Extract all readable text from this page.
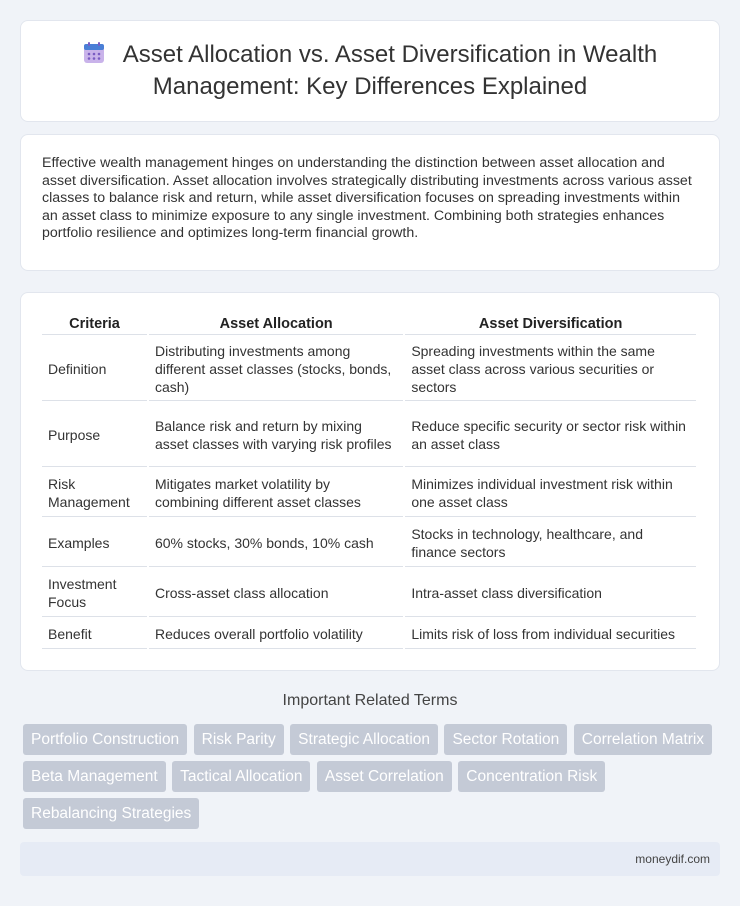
Asset Allocation vs. Asset Diversification in Wealth Management: Key Differences Explained

Effective wealth management hinges on understanding the distinction between asset allocation and asset diversification. Asset allocation involves strategically distributing investments across various asset classes to balance risk and return, while asset diversification focuses on spreading investments within an asset class to minimize exposure to any single investment. Combining both strategies enhances portfolio resilience and optimizes long-term financial growth.

Criteria	Asset Allocation	Asset Diversification
Definition	Distributing investments among different asset classes (stocks, bonds, cash)	Spreading investments within the same asset class across various securities or sectors
Purpose	Balance risk and return by mixing asset classes with varying risk profiles	Reduce specific security or sector risk within an asset class
Risk Management	Mitigates market volatility by combining different asset classes	Minimizes individual investment risk within one asset class
Examples	60% stocks, 30% bonds, 10% cash	Stocks in technology, healthcare, and finance sectors
Investment Focus	Cross-asset class allocation	Intra-asset class diversification
Benefit	Reduces overall portfolio volatility	Limits risk of loss from individual securities
Important Related Terms
Portfolio Construction Risk Parity Strategic Allocation Sector Rotation Correlation Matrix Beta Management Tactical Allocation Asset Correlation Concentration Risk Rebalancing Strategies
moneydif.com
